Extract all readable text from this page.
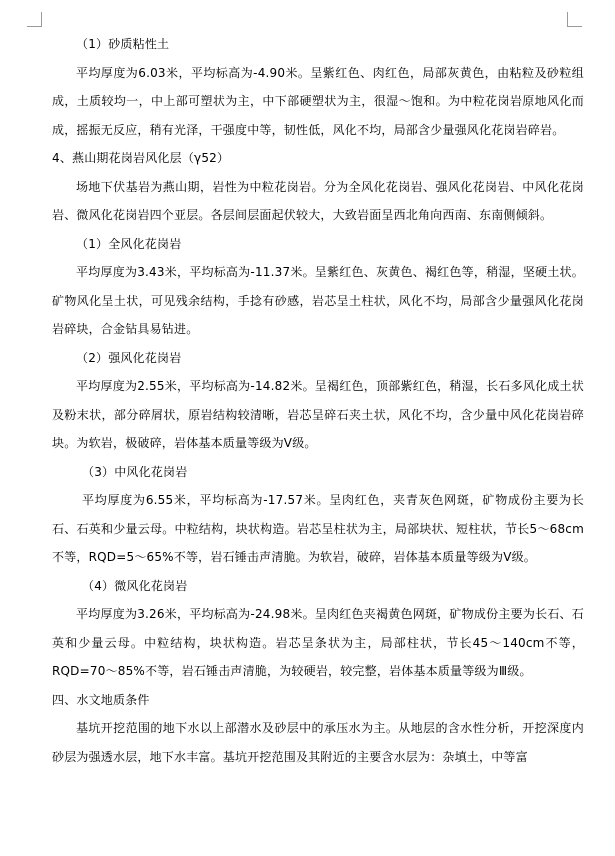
（1）砂质粘性土

平均厚度为6.03米，平均标高为-4.90米。呈紫红色、肉红色，局部灰黄色，由粘粒及砂粒组成，土质较均一，中上部可塑状为主，中下部硬塑状为主，很湿～饱和。为中粒花岗岩原地风化而成，摇振无反应，稍有光泽，干强度中等，韧性低，风化不均，局部含少量强风化花岗岩碎岩。

4、燕山期花岗岩风化层（γ52）

场地下伏基岩为燕山期，岩性为中粒花岗岩。分为全风化花岗岩、强风化花岗岩、中风化花岗岩、微风化花岗岩四个亚层。各层间层面起伏较大，大致岩面呈西北角向西南、东南侧倾斜。

（1）全风化花岗岩

平均厚度为3.43米，平均标高为-11.37米。呈紫红色、灰黄色、褐红色等，稍湿，坚硬土状。矿物风化呈土状，可见残余结构，手捻有砂感，岩芯呈土柱状，风化不均，局部含少量强风化花岗岩碎块，合金钻具易钻进。

（2）强风化花岗岩

平均厚度为2.55米，平均标高为-14.82米。呈褐红色，顶部紫红色，稍湿，长石多风化成土状及粉末状，部分碎屑状，原岩结构较清晰，岩芯呈碎石夹土状，风化不均，含少量中风化花岗岩碎块。为软岩，极破碎，岩体基本质量等级为Ⅴ级。

（3）中风化花岗岩

平均厚度为6.55米，平均标高为-17.57米。呈肉红色，夹青灰色网斑，矿物成份主要为长石、石英和少量云母。中粒结构，块状构造。岩芯呈柱状为主，局部块状、短柱状，节长5～68cm不等，RQD=5～65%不等，岩石锤击声清脆。为软岩，破碎，岩体基本质量等级为Ⅴ级。

（4）微风化花岗岩

平均厚度为3.26米，平均标高为-24.98米。呈肉红色夹褐黄色网斑，矿物成份主要为长石、石英和少量云母。中粒结构，块状构造。岩芯呈条状为主，局部柱状，节长45～140cm不等，RQD=70～85%不等，岩石锤击声清脆，为较硬岩，较完整，岩体基本质量等级为Ⅲ级。

四、水文地质条件

基坑开挖范围的地下水以上部潜水及砂层中的承压水为主。从地层的含水性分析，开挖深度内砂层为强透水层，地下水丰富。基坑开挖范围及其附近的主要含水层为：杂填土，中等富
